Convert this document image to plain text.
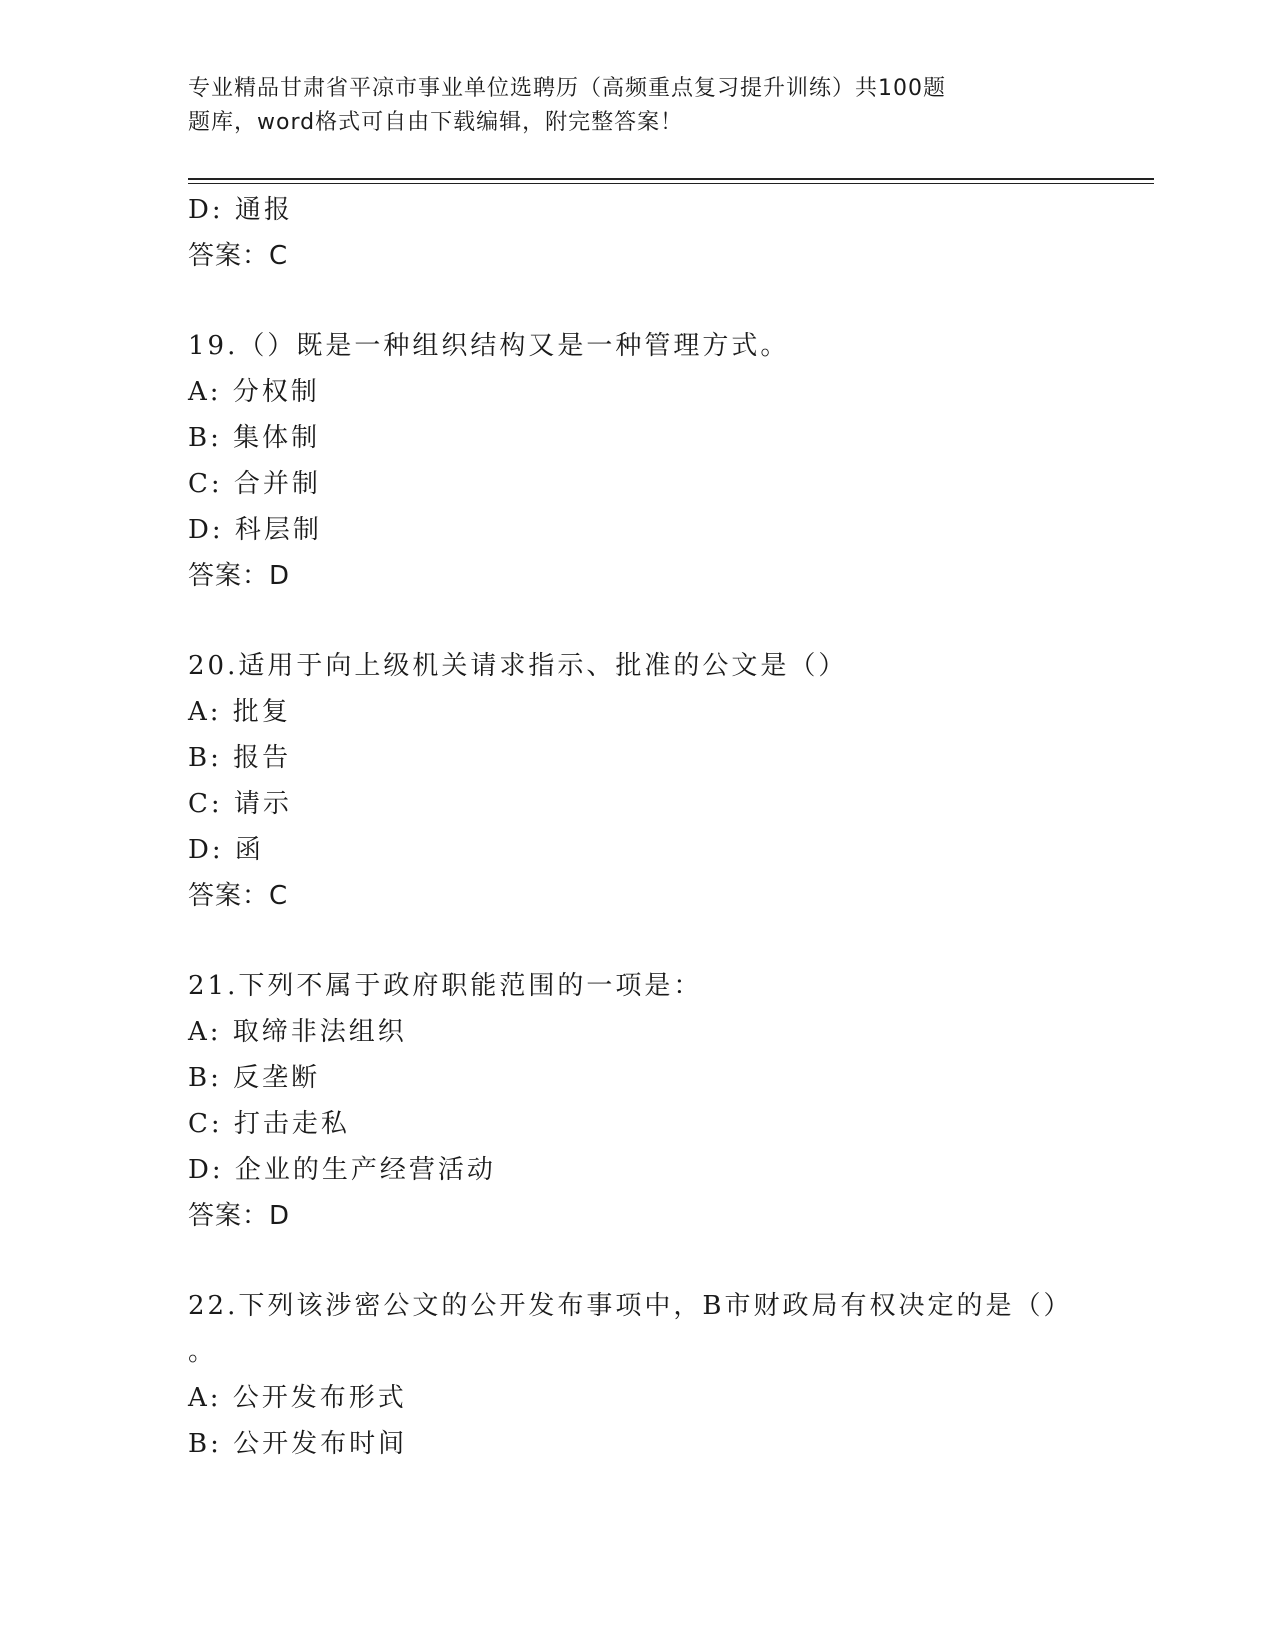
专业精品甘肃省平凉市事业单位选聘历（高频重点复习提升训练）共100题
题库，word格式可自由下载编辑，附完整答案！
D: 通报
答案：C
19.（）既是一种组织结构又是一种管理方式。
A: 分权制
B: 集体制
C: 合并制
D: 科层制
答案：D
20.适用于向上级机关请求指示、批准的公文是（）
A: 批复
B: 报告
C: 请示
D: 函
答案：C
21.下列不属于政府职能范围的一项是：
A: 取缔非法组织
B: 反垄断
C: 打击走私
D: 企业的生产经营活动
答案：D
22.下列该涉密公文的公开发布事项中，B市财政局有权决定的是（）
。
A: 公开发布形式
B: 公开发布时间
